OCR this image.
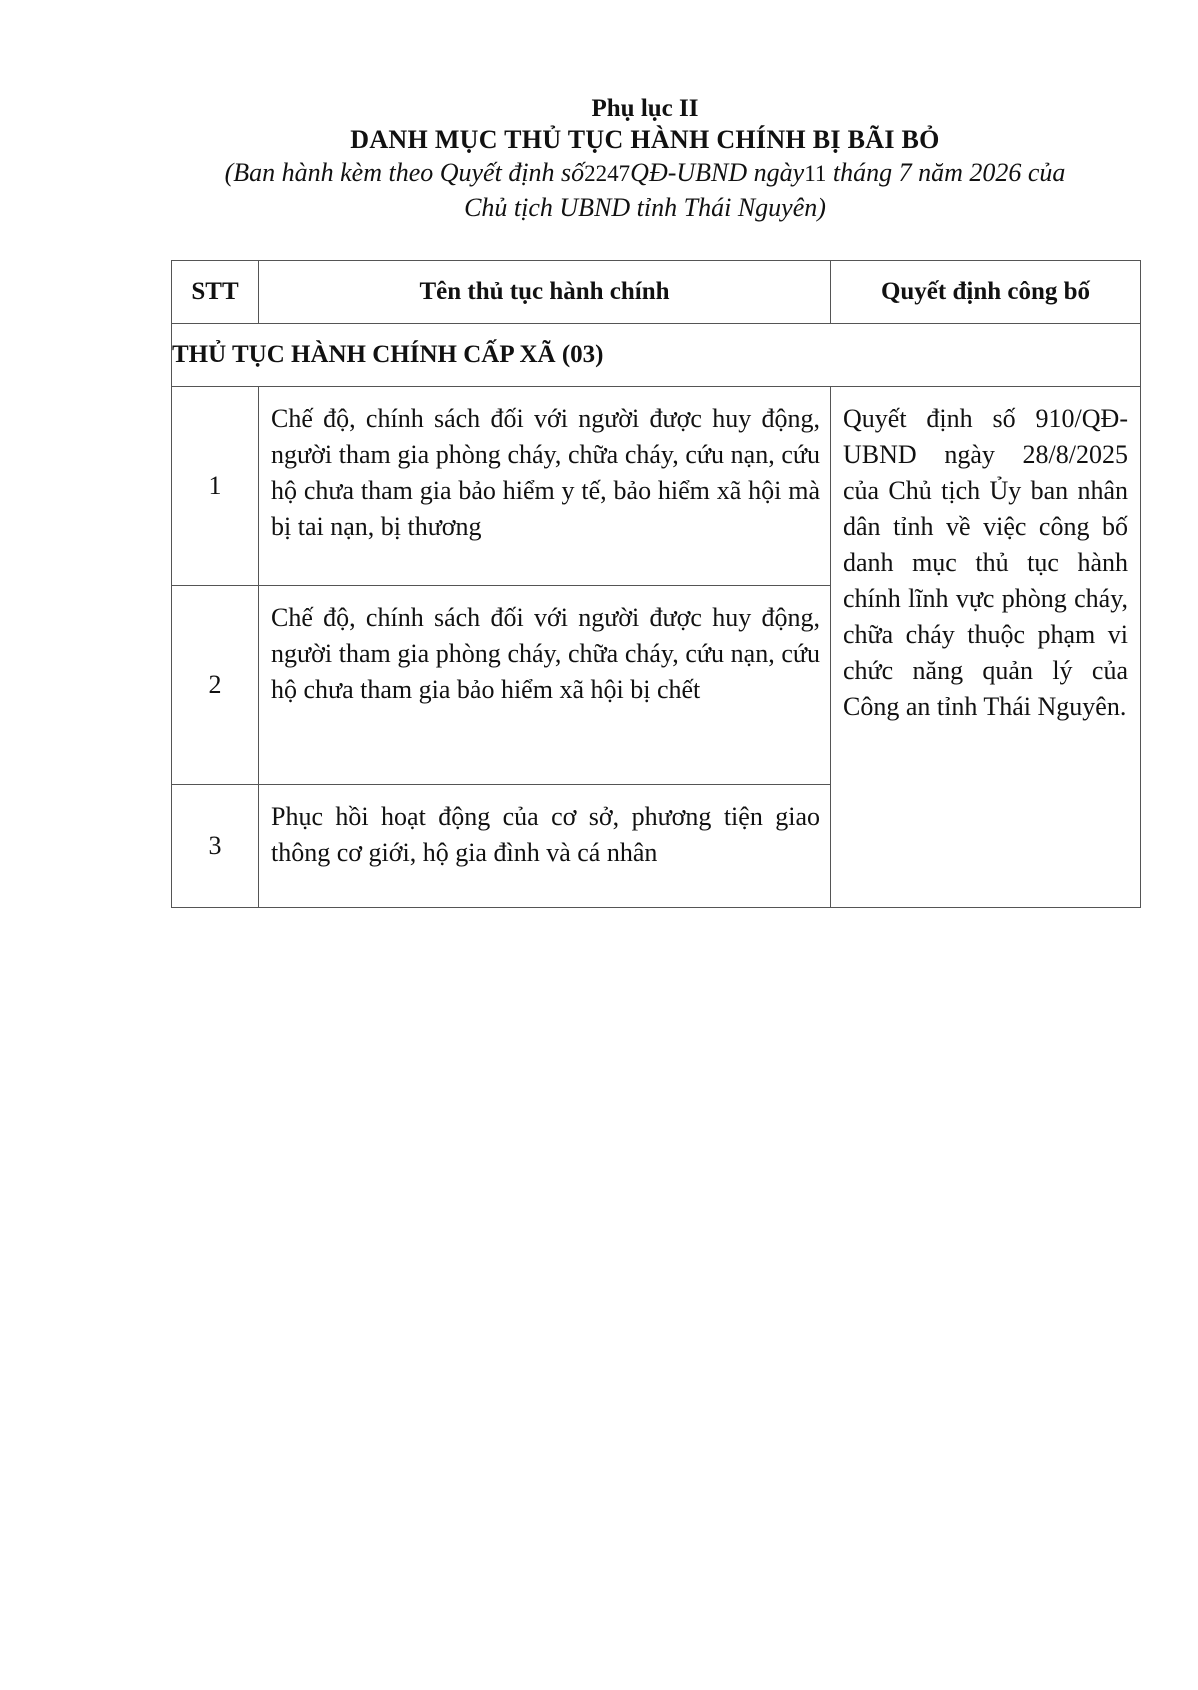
Phụ lục II
DANH MỤC THỦ TỤC HÀNH CHÍNH BỊ BÃI BỎ
(Ban hành kèm theo Quyết định số2247QĐ-UBND ngày11 tháng 7 năm 2026 của
Chủ tịch UBND tỉnh Thái Nguyên)
STT	Tên thủ tục hành chính	Quyết định công bố
THỦ TỤC HÀNH CHÍNH CẤP XÃ (03)		
1	Chế độ, chính sách đối với người được huy động, người tham gia phòng cháy, chữa cháy, cứu nạn, cứu hộ chưa tham gia bảo hiểm y tế, bảo hiểm xã hội mà bị tai nạn, bị thương	Quyết định số 910/QĐ-UBND ngày 28/8/2025 của Chủ tịch Ủy ban nhân dân tỉnh về việc công bố danh mục thủ tục hành chính lĩnh vực phòng cháy, chữa cháy thuộc phạm vi chức năng quản lý của Công an tỉnh Thái Nguyên.
2	Chế độ, chính sách đối với người được huy động, người tham gia phòng cháy, chữa cháy, cứu nạn, cứu hộ chưa tham gia bảo hiểm xã hội bị chết	
3	Phục hồi hoạt động của cơ sở, phương tiện giao thông cơ giới, hộ gia đình và cá nhân	
